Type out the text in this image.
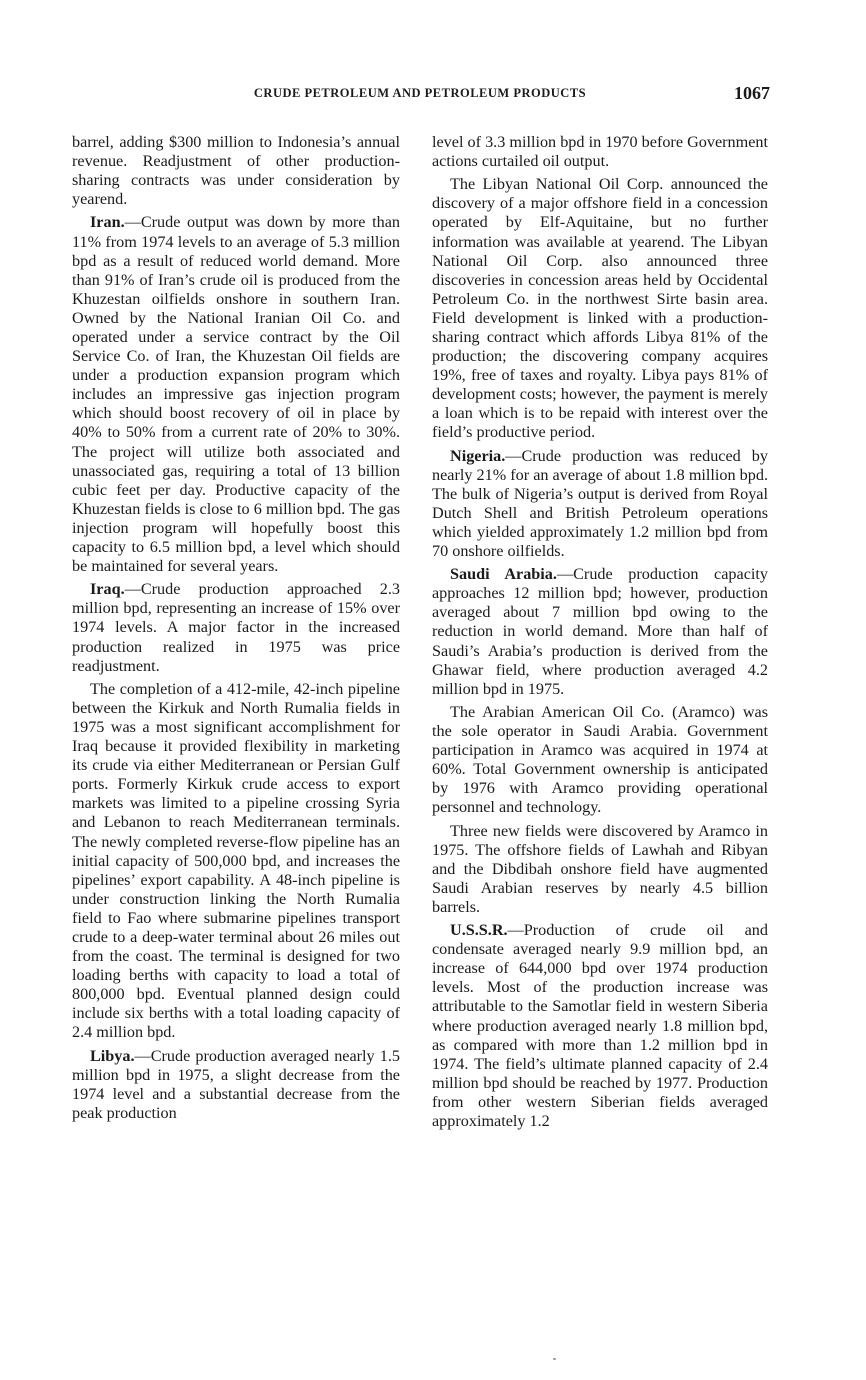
CRUDE PETROLEUM AND PETROLEUM PRODUCTS	1067

barrel, adding $300 million to Indonesia’s annual revenue. Readjustment of other production-sharing contracts was under consideration by yearend.

Iran.—Crude output was down by more than 11% from 1974 levels to an average of 5.3 million bpd as a result of reduced world demand. More than 91% of Iran’s crude oil is produced from the Khuzestan oilfields onshore in southern Iran. Owned by the National Iranian Oil Co. and operated under a service contract by the Oil Service Co. of Iran, the Khuzestan Oil fields are under a production expansion program which includes an impressive gas injection program which should boost recovery of oil in place by 40% to 50% from a current rate of 20% to 30%. The project will utilize both associated and unassociated gas, requiring a total of 13 billion cubic feet per day. Productive capacity of the Khuzestan fields is close to 6 million bpd. The gas injection program will hopefully boost this capacity to 6.5 million bpd, a level which should be maintained for several years.

Iraq.—Crude production approached 2.3 million bpd, representing an increase of 15% over 1974 levels. A major factor in the increased production realized in 1975 was price readjustment.

The completion of a 412-mile, 42-inch pipeline between the Kirkuk and North Rumalia fields in 1975 was a most significant accomplishment for Iraq because it provided flexibility in marketing its crude via either Mediterranean or Persian Gulf ports. Formerly Kirkuk crude access to export markets was limited to a pipeline crossing Syria and Lebanon to reach Mediterranean terminals. The newly completed reverse-flow pipeline has an initial capacity of 500,000 bpd, and increases the pipelines’ export capability. A 48-inch pipeline is under construction linking the North Rumalia field to Fao where submarine pipelines transport crude to a deep-water terminal about 26 miles out from the coast. The terminal is designed for two loading berths with capacity to load a total of 800,000 bpd. Eventual planned design could include six berths with a total loading capacity of 2.4 million bpd.

Libya.—Crude production averaged nearly 1.5 million bpd in 1975, a slight decrease from the 1974 level and a substantial decrease from the peak production

level of 3.3 million bpd in 1970 before Government actions curtailed oil output.

The Libyan National Oil Corp. announced the discovery of a major offshore field in a concession operated by Elf-Aquitaine, but no further information was available at yearend. The Libyan National Oil Corp. also announced three discoveries in concession areas held by Occidental Petroleum Co. in the northwest Sirte basin area. Field development is linked with a production-sharing contract which affords Libya 81% of the production; the discovering company acquires 19%, free of taxes and royalty. Libya pays 81% of development costs; however, the payment is merely a loan which is to be repaid with interest over the field’s productive period.

Nigeria.—Crude production was reduced by nearly 21% for an average of about 1.8 million bpd. The bulk of Nigeria’s output is derived from Royal Dutch Shell and British Petroleum operations which yielded approximately 1.2 million bpd from 70 onshore oilfields.

Saudi Arabia.—Crude production capacity approaches 12 million bpd; however, production averaged about 7 million bpd owing to the reduction in world demand. More than half of Saudi’s Arabia’s production is derived from the Ghawar field, where production averaged 4.2 million bpd in 1975.

The Arabian American Oil Co. (Aramco) was the sole operator in Saudi Arabia. Government participation in Aramco was acquired in 1974 at 60%. Total Government ownership is anticipated by 1976 with Aramco providing operational personnel and technology.

Three new fields were discovered by Aramco in 1975. The offshore fields of Lawhah and Ribyan and the Dibdibah onshore field have augmented Saudi Arabian reserves by nearly 4.5 billion barrels.

U.S.S.R.—Production of crude oil and condensate averaged nearly 9.9 million bpd, an increase of 644,000 bpd over 1974 production levels. Most of the production increase was attributable to the Samotlar field in western Siberia where production averaged nearly 1.8 million bpd, as compared with more than 1.2 million bpd in 1974. The field’s ultimate planned capacity of 2.4 million bpd should be reached by 1977. Production from other western Siberian fields averaged approximately 1.2
